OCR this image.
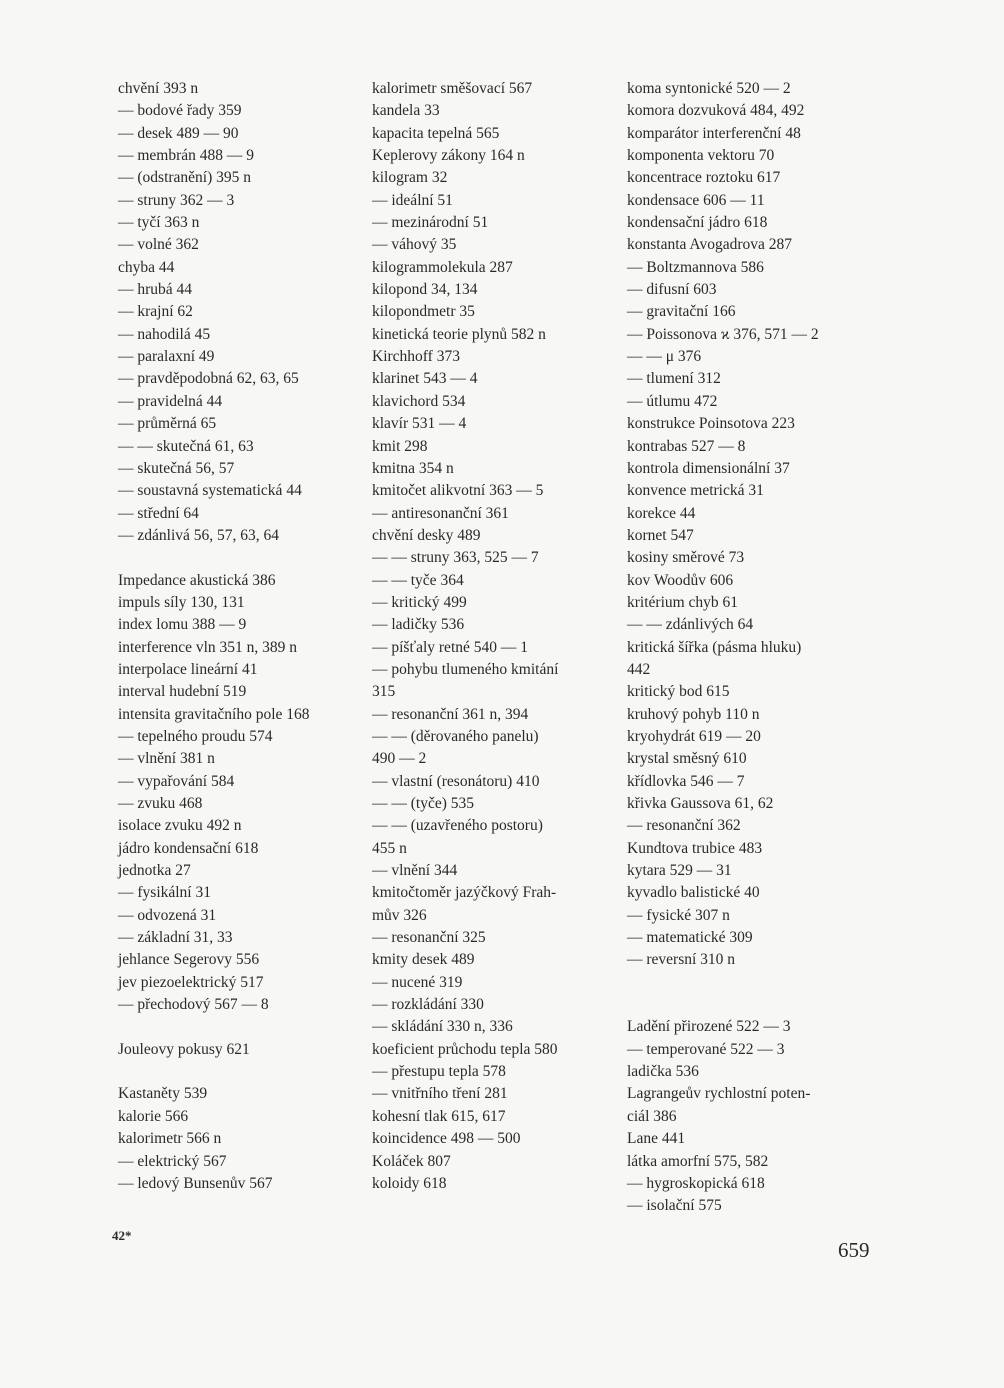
chvění 393 n
— bodové řady 359
— desek 489 — 90
— membrán 488 — 9
— (odstranění) 395 n
— struny 362 — 3
— tyčí 363 n
— volné 362
chyba 44
— hrubá 44
— krajní 62
— nahodilá 45
— paralaxní 49
— pravděpodobná 62, 63, 65
— pravidelná 44
— průměrná 65
— — skutečná 61, 63
— skutečná 56, 57
— soustavná systematická 44
— střední 64
— zdánlivá 56, 57, 63, 64
Impedance akustická 386
impuls síly 130, 131
index lomu 388 — 9
interference vln 351 n, 389 n
interpolace lineární 41
interval hudební 519
intensita gravitačního pole 168
— tepelného proudu 574
— vlnění 381 n
— vypařování 584
— zvuku 468
isolace zvuku 492 n
jádro kondensační 618
jednotka 27
— fysikální 31
— odvozená 31
— základní 31, 33
jehlance Segerovy 556
jev piezoelektrický 517
— přechodový 567 — 8
Jouleovy pokusy 621
Kastaněty 539
kalorie 566
kalorimetr 566 n
— elektrický 567
— ledový Bunsenův 567
kalorimetr směšovací 567
kandela 33
kapacita tepelná 565
Keplerovy zákony 164 n
kilogram 32
— ideální 51
— mezinárodní 51
— váhový 35
kilogrammolekula 287
kilopond 34, 134
kilopondmetr 35
kinetická teorie plynů 582 n
Kirchhoff 373
klarinet 543 — 4
klavichord 534
klavír 531 — 4
kmit 298
kmitna 354 n
kmitočet alikvotní 363 — 5
— antiresonanční 361
chvění desky 489
— — struny 363, 525 — 7
— — tyče 364
— kritický 499
— ladičky 536
— píšťaly retné 540 — 1
— pohybu tlumeného kmitání
315
— resonanční 361 n, 394
— — (děrovaného panelu)
490 — 2
— vlastní (resonátoru) 410
— — (tyče) 535
— — (uzavřeného postoru)
455 n
— vlnění 344
kmitočtoměr jazýčkový Frah-
mův 326
— resonanční 325
kmity desek 489
— nucené 319
— rozkládání 330
— skládání 330 n, 336
koeficient průchodu tepla 580
— přestupu tepla 578
— vnitřního tření 281
kohesní tlak 615, 617
koincidence 498 — 500
Koláček 807
koloidy 618
koma syntonické 520 — 2
komora dozvuková 484, 492
komparátor interferenční 48
komponenta vektoru 70
koncentrace roztoku 617
kondensace 606 — 11
kondensační jádro 618
konstanta Avogadrova 287
— Boltzmannova 586
— difusní 603
— gravitační 166
— Poissonova ϰ 376, 571 — 2
— — μ 376
— tlumení 312
— útlumu 472
konstrukce Poinsotova 223
kontrabas 527 — 8
kontrola dimensionální 37
konvence metrická 31
korekce 44
kornet 547
kosiny směrové 73
kov Woodův 606
kritérium chyb 61
— — zdánlivých 64
kritická šířka (pásma hluku)
442
kritický bod 615
kruhový pohyb 110 n
kryohydrát 619 — 20
krystal směsný 610
křídlovka 546 — 7
křivka Gaussova 61, 62
— resonanční 362
Kundtova trubice 483
kytara 529 — 31
kyvadlo balistické 40
— fysické 307 n
— matematické 309
— reversní 310 n
Ladění přirozené 522 — 3
— temperované 522 — 3
ladička 536
Lagrangeův rychlostní poten-
ciál 386
Lane 441
látka amorfní 575, 582
— hygroskopická 618
— isolační 575
42*
659
